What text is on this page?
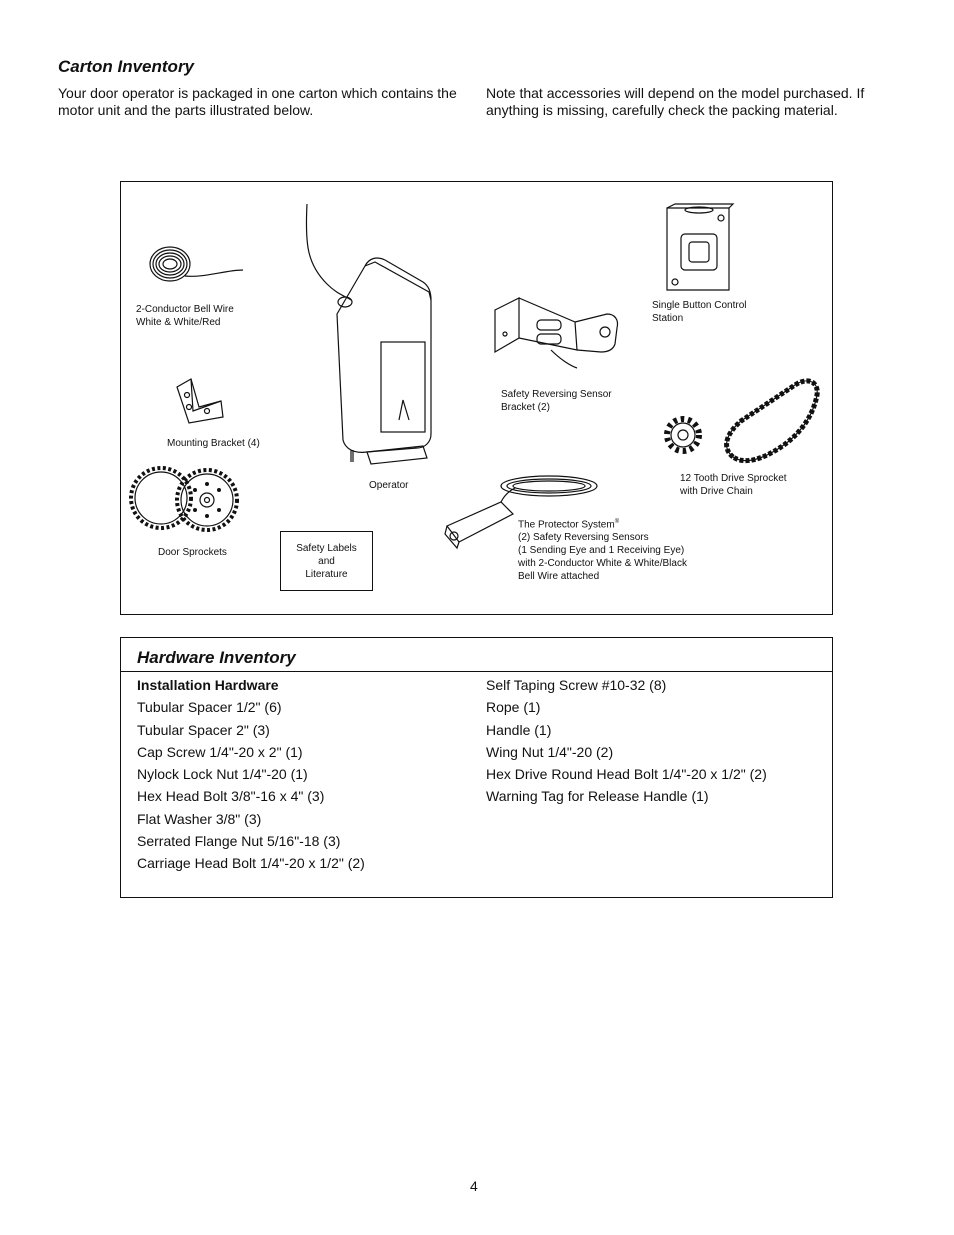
Carton Inventory
Your door operator is packaged in one carton which contains the motor unit and the parts illustrated below.
Note that accessories will depend on the model purchased. If anything is missing, carefully check the packing material.
2-Conductor Bell Wire
White & White/Red
Mounting Bracket (4)
Door Sprockets	Safety Labels
and
Literature
Operator
Safety Reversing Sensor
Bracket (2)
Single Button Control
Station
12 Tooth Drive Sprocket
with Drive Chain
The Protector System®
(2) Safety Reversing Sensors
(1 Sending Eye and 1 Receiving Eye)
with 2-Conductor White & White/Black
Bell Wire attached
Hardware Inventory
Installation Hardware
Tubular Spacer 1/2" (6)
Tubular Spacer 2" (3)
Cap Screw 1/4"-20 x 2" (1)
Nylock Lock Nut 1/4"-20 (1)
Hex Head Bolt 3/8"-16 x 4" (3)
Flat Washer 3/8" (3)
Serrated Flange Nut 5/16"-18 (3)
Carriage Head Bolt 1/4"-20 x 1/2" (2)
Self Taping Screw #10-32 (8)
Rope (1)
Handle (1)
Wing Nut 1/4"-20 (2)
Hex Drive Round Head Bolt 1/4"-20 x 1/2" (2)
Warning Tag for Release Handle (1)
4
